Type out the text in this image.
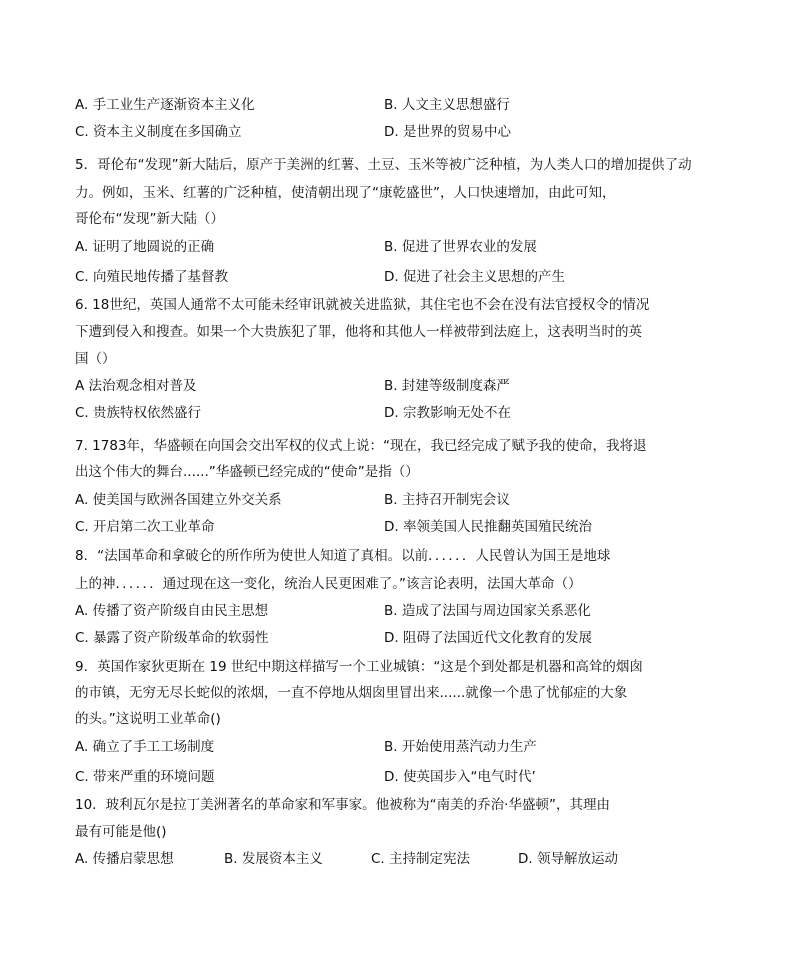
A. 手工业生产逐渐资本主义化	B. 人文主义思想盛行
C. 资本主义制度在多国确立	D. 是世界的贸易中心
5．哥伦布“发现”新大陆后，原产于美洲的红薯、土豆、玉米等被广泛种植，为人类人口的增加提供了动
力。例如，玉米、红薯的广泛种植，使清朝出现了“康乾盛世”，人口快速增加，由此可知，
哥伦布“发现”新大陆（）
A. 证明了地圆说的正确	B. 促进了世界农业的发展
C. 向殖民地传播了基督教	D. 促进了社会主义思想的产生
6. 18世纪，英国人通常不太可能未经审讯就被关进监狱，其住宅也不会在没有法官授权令的情况
下遭到侵入和搜查。如果一个大贵族犯了罪，他将和其他人一样被带到法庭上，这表明当时的英
国（）
A 法治观念相对普及	B. 封建等级制度森严
C. 贵族特权依然盛行	D. 宗教影响无处不在
7. 1783年，华盛顿在向国会交出军权的仪式上说：“现在，我已经完成了赋予我的使命，我将退
出这个伟大的舞台......”华盛顿已经完成的“使命”是指（）
A. 使美国与欧洲各国建立外交关系	B. 主持召开制宪会议
C. 开启第二次工业革命	D. 率领美国人民推翻英国殖民统治
8．“法国革命和拿破仑的所作所为使世人知道了真相。以前．．．．．．人民曾认为国王是地球
上的神．．．．．．通过现在这一变化，统治人民更困难了。”该言论表明，法国大革命（）
A. 传播了资产阶级自由民主思想	B. 造成了法国与周边国家关系恶化
C. 暴露了资产阶级革命的软弱性	D. 阻碍了法国近代文化教育的发展
9．英国作家狄更斯在 19 世纪中期这样描写一个工业城镇：“这是个到处都是机器和高耸的烟囱
的市镇，无穷无尽长蛇似的浓烟，一直不停地从烟囱里冒出来......就像一个患了忧郁症的大象
的头。”这说明工业革命()
A. 确立了手工工场制度	B. 开始使用蒸汽动力生产
C. 带来严重的环境问题	D. 使英国步入“电气时代’
10．玻利瓦尔是拉丁美洲著名的革命家和军事家。他被称为“南美的乔治·华盛顿”，其理由
最有可能是他()
A. 传播启蒙思想	B. 发展资本主义	C. 主持制定宪法	D. 领导解放运动
